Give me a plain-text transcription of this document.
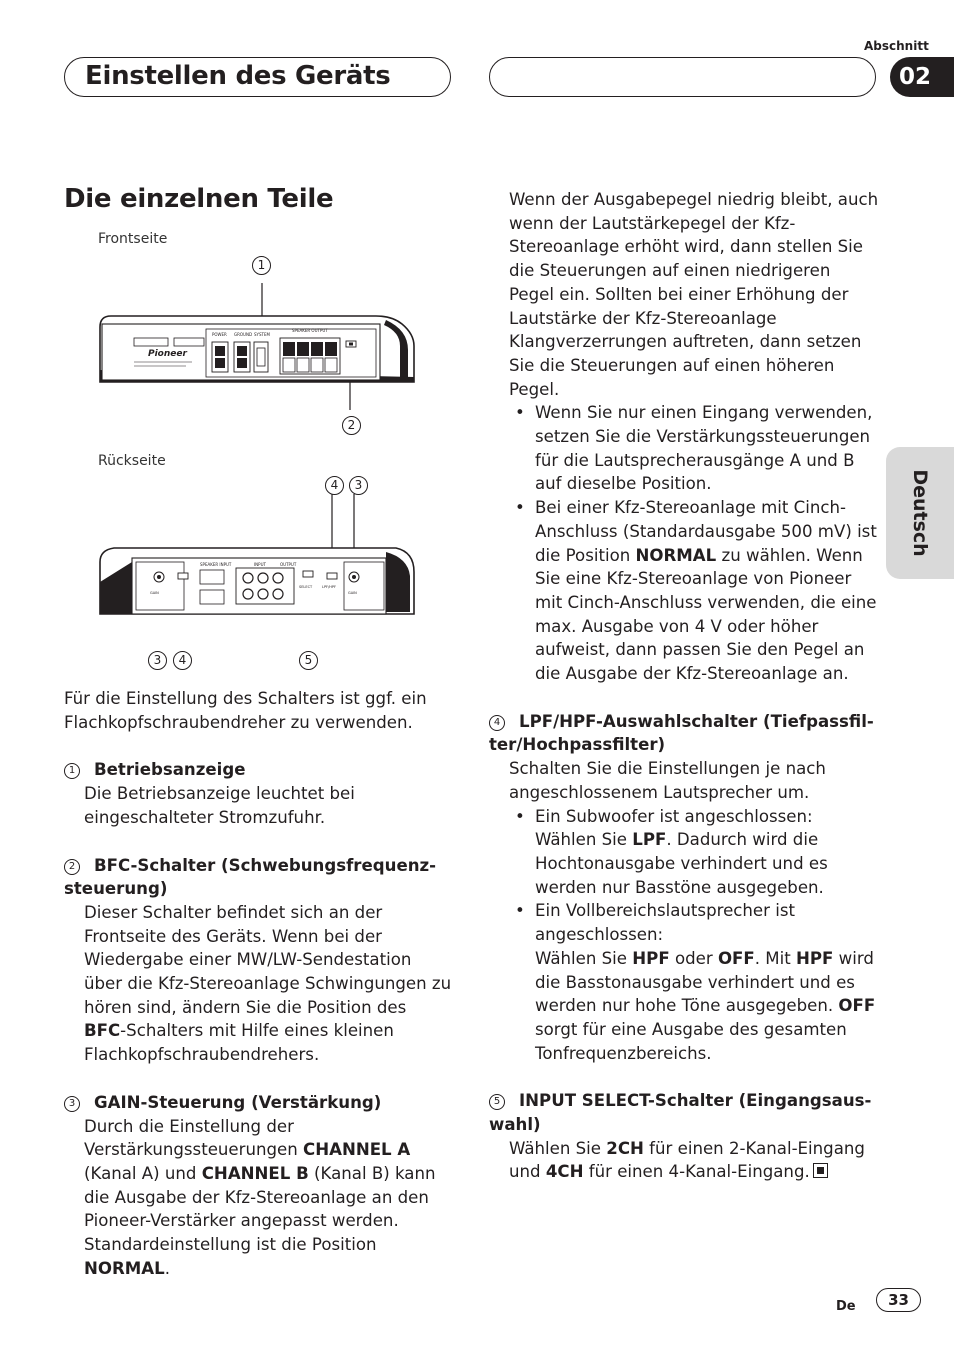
Abschnitt
Einstellen des Geräts	02
Deutsch
Die einzelnen Teile
Frontseite
Pioneer
POWER GROUND SYSTEM
SPEAKER OUTPUT
1
2
Rückseite
SPEAKER INPUT	INPUT	OUTPUT
SELECT	LPF/HPF
GAIN	GAIN
4	3
3	4	5

Für die Einstellung des Schalters ist ggf. ein Flachkopfschraubendreher zu verwenden.

1 Betriebsanzeige

Die Betriebsanzeige leuchtet bei eingeschalteter Stromzufuhr.

2 BFC-Schalter (Schwebungsfrequenz-
steuerung)

Dieser Schalter befindet sich an der Frontseite des Geräts. Wenn bei der Wiedergabe einer MW/LW-Sendestation über die Kfz-Stereoanlage Schwingungen zu hören sind, ändern Sie die Position des BFC-Schalters mit Hilfe eines kleinen Flachkopfschraubendrehers.

3 GAIN-Steuerung (Verstärkung)

Durch die Einstellung der Verstärkungssteuerungen CHANNEL A (Kanal A) und CHANNEL B (Kanal B) kann die Ausgabe der Kfz-Stereoanlage an den Pioneer-Verstärker angepasst werden. Standardeinstellung ist die Position NORMAL.

Wenn der Ausgabepegel niedrig bleibt, auch wenn der Lautstärkepegel der Kfz-Stereoanlage erhöht wird, dann stellen Sie die Steuerungen auf einen niedrigeren Pegel ein. Sollten bei einer Erhöhung der Lautstärke der Kfz-Stereoanlage Klangverzerrungen auftreten, dann setzen Sie die Steuerungen auf einen höheren Pegel.

• Wenn Sie nur einen Eingang verwenden, setzen Sie die Verstärkungssteuerungen für die Lautsprecherausgänge A und B auf dieselbe Position.

• Bei einer Kfz-Stereoanlage mit Cinch-Anschluss (Standardausgabe 500 mV) ist die Position NORMAL zu wählen. Wenn Sie eine Kfz-Stereoanlage von Pioneer mit Cinch-Anschluss verwenden, die eine max. Ausgabe von 4 V oder höher aufweist, dann passen Sie den Pegel an die Ausgabe der Kfz-Stereoanlage an.

4 LPF/HPF-Auswahlschalter (Tiefpassfil-
ter/Hochpassfilter)

Schalten Sie die Einstellungen je nach angeschlossenem Lautsprecher um.

• Ein Subwoofer ist angeschlossen:
Wählen Sie LPF. Dadurch wird die Hochtonausgabe verhindert und es werden nur Basstöne ausgegeben.

• Ein Vollbereichslautsprecher ist angeschlossen:
Wählen Sie HPF oder OFF. Mit HPF wird die Basstonausgabe verhindert und es werden nur hohe Töne ausgegeben. OFF sorgt für eine Ausgabe des gesamten Tonfrequenzbereichs.

5 INPUT SELECT-Schalter (Eingangsaus-
wahl)

Wählen Sie 2CH für einen 2-Kanal-Eingang und 4CH für einen 4-Kanal-Eingang.

De	33
